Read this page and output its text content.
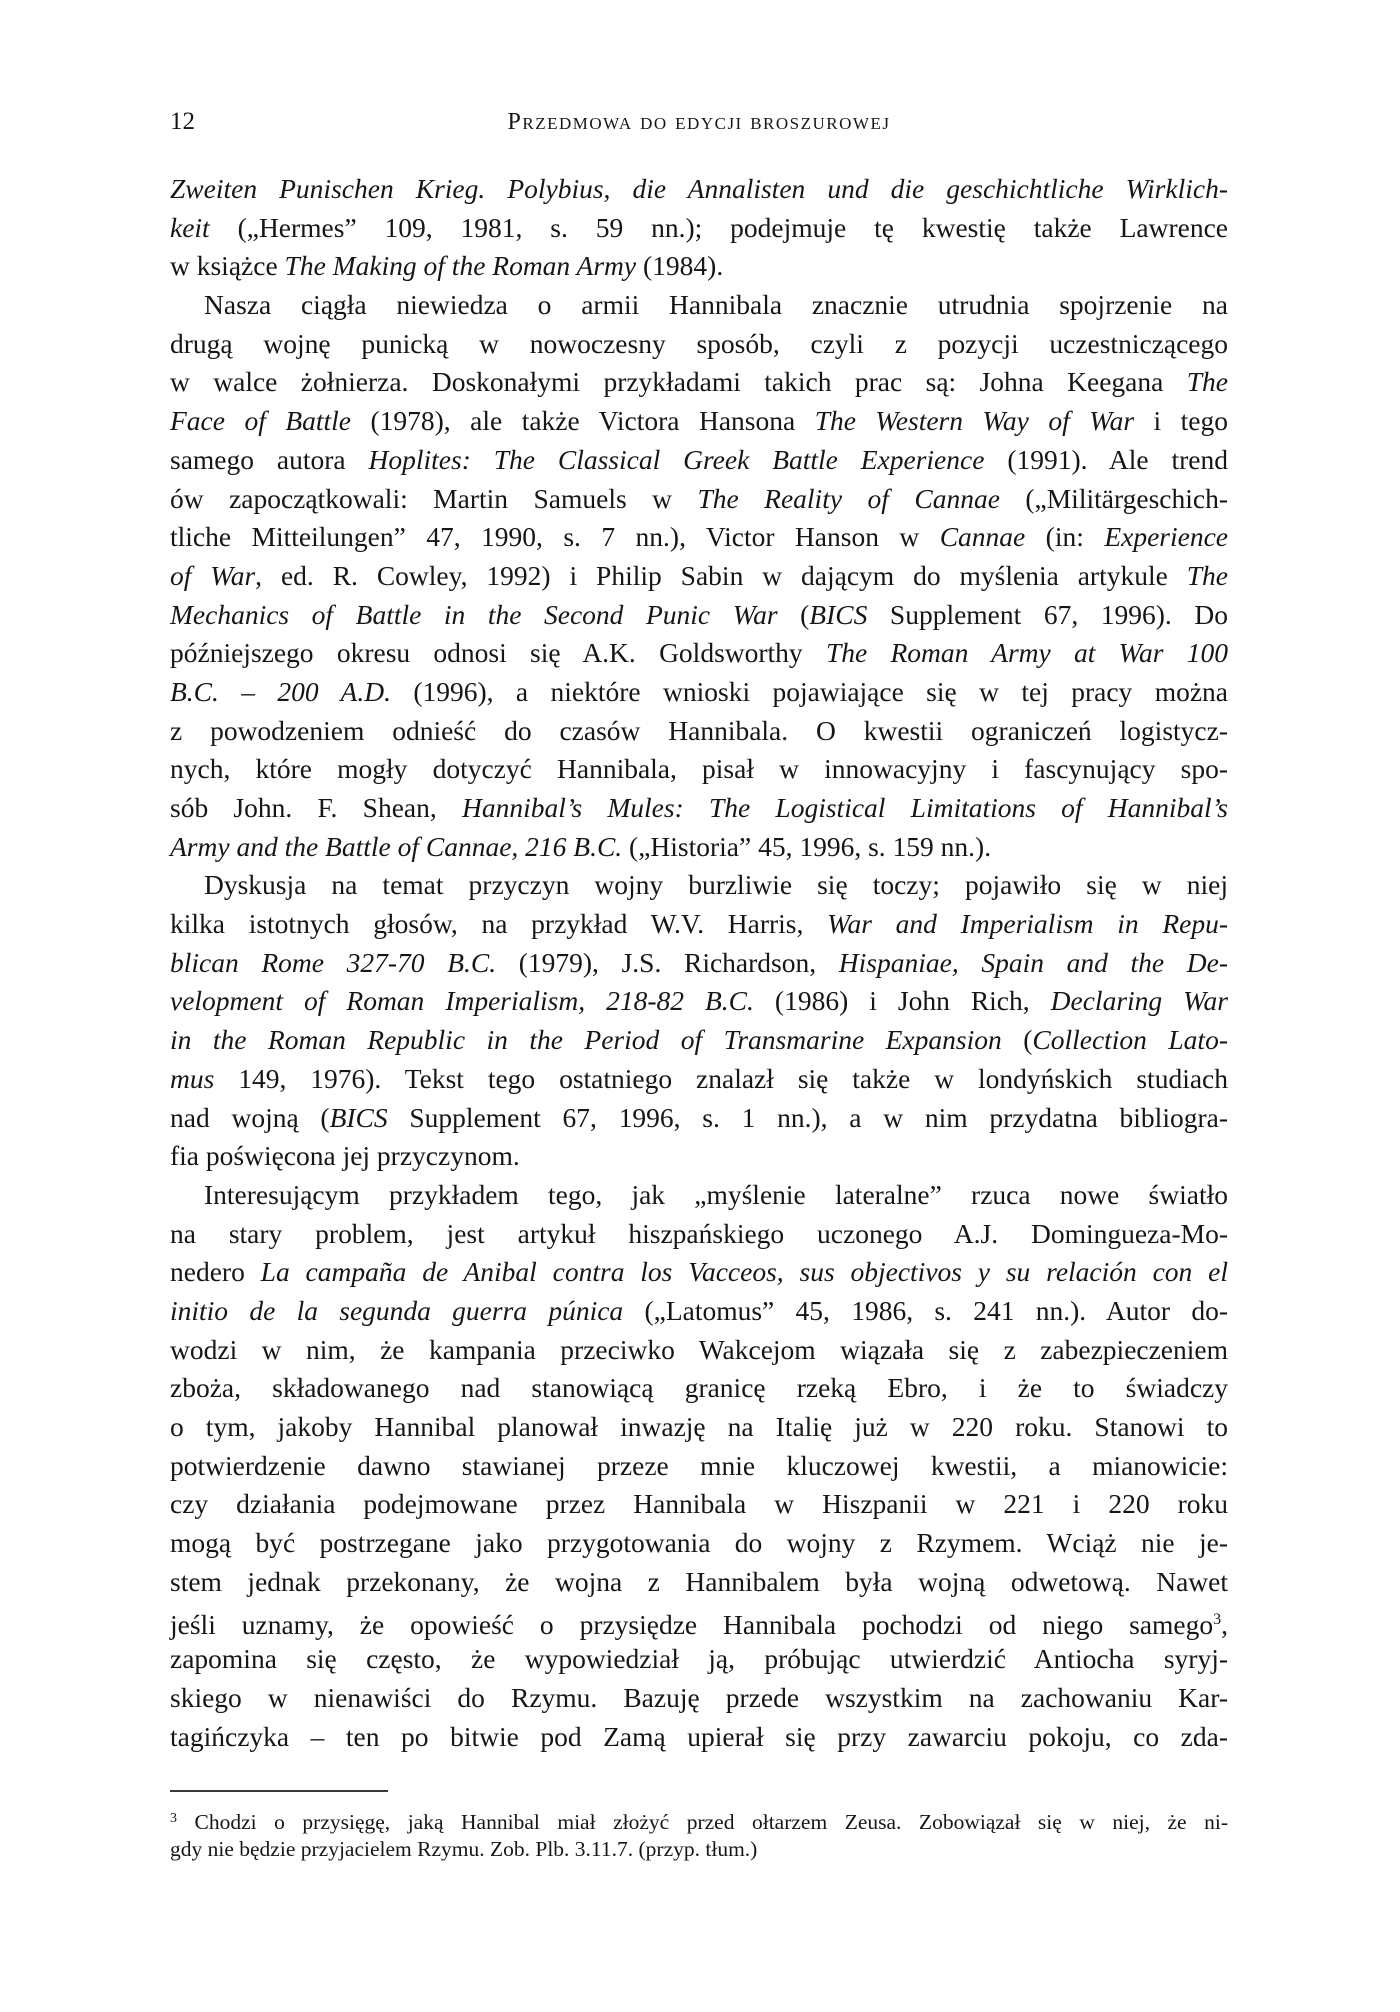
12	Przedmowa do edycji broszurowej
Zweiten Punischen Krieg. Polybius, die Annalisten und die geschichtliche Wirklich-
keit („Hermes” 109, 1981, s. 59 nn.); podejmuje tę kwestię także Lawrence
w książce The Making of the Roman Army (1984).
Nasza ciągła niewiedza o armii Hannibala znacznie utrudnia spojrzenie na
drugą wojnę punicką w nowoczesny sposób, czyli z pozycji uczestniczącego
w walce żołnierza. Doskonałymi przykładami takich prac są: Johna Keegana The
Face of Battle (1978), ale także Victora Hansona The Western Way of War i tego
samego autora Hoplites: The Classical Greek Battle Experience (1991). Ale trend
ów zapoczątkowali: Martin Samuels w The Reality of Cannae („Militärgeschich-
tliche Mitteilungen” 47, 1990, s. 7 nn.), Victor Hanson w Cannae (in: Experience
of War, ed. R. Cowley, 1992) i Philip Sabin w dającym do myślenia artykule The
Mechanics of Battle in the Second Punic War (BICS Supplement 67, 1996). Do
późniejszego okresu odnosi się A.K. Goldsworthy The Roman Army at War 100
B.C. – 200 A.D. (1996), a niektóre wnioski pojawiające się w tej pracy można
z powodzeniem odnieść do czasów Hannibala. O kwestii ograniczeń logistycz-
nych, które mogły dotyczyć Hannibala, pisał w innowacyjny i fascynujący spo-
sób John. F. Shean, Hannibal’s Mules: The Logistical Limitations of Hannibal’s
Army and the Battle of Cannae, 216 B.C. („Historia” 45, 1996, s. 159 nn.).
Dyskusja na temat przyczyn wojny burzliwie się toczy; pojawiło się w niej
kilka istotnych głosów, na przykład W.V. Harris, War and Imperialism in Repu-
blican Rome 327-70 B.C. (1979), J.S. Richardson, Hispaniae, Spain and the De-
velopment of Roman Imperialism, 218-82 B.C. (1986) i John Rich, Declaring War
in the Roman Republic in the Period of Transmarine Expansion (Collection Lato-
mus 149, 1976). Tekst tego ostatniego znalazł się także w londyńskich studiach
nad wojną (BICS Supplement 67, 1996, s. 1 nn.), a w nim przydatna bibliogra-
fia poświęcona jej przyczynom.
Interesującym przykładem tego, jak „myślenie lateralne” rzuca nowe światło
na stary problem, jest artykuł hiszpańskiego uczonego A.J. Domingueza-Mo-
nedero La campaña de Anibal contra los Vacceos, sus objectivos y su relación con el
initio de la segunda guerra púnica („Latomus” 45, 1986, s. 241 nn.). Autor do-
wodzi w nim, że kampania przeciwko Wakcejom wiązała się z zabezpieczeniem
zboża, składowanego nad stanowiącą granicę rzeką Ebro, i że to świadczy
o tym, jakoby Hannibal planował inwazję na Italię już w 220 roku. Stanowi to
potwierdzenie dawno stawianej przeze mnie kluczowej kwestii, a mianowicie:
czy działania podejmowane przez Hannibala w Hiszpanii w 221 i 220 roku
mogą być postrzegane jako przygotowania do wojny z Rzymem. Wciąż nie je-
stem jednak przekonany, że wojna z Hannibalem była wojną odwetową. Nawet
jeśli uznamy, że opowieść o przysiędze Hannibala pochodzi od niego samego$^3$,
zapomina się często, że wypowiedział ją, próbując utwierdzić Antiocha syryj-
skiego w nienawiści do Rzymu. Bazuję przede wszystkim na zachowaniu Kar-
tagińczyka – ten po bitwie pod Zamą upierał się przy zawarciu pokoju, co zda-
$^3$ Chodzi o przysięgę, jaką Hannibal miał złożyć przed ołtarzem Zeusa. Zobowiązał się w niej, że ni-
gdy nie będzie przyjacielem Rzymu. Zob. Plb. 3.11.7. (przyp. tłum.)
